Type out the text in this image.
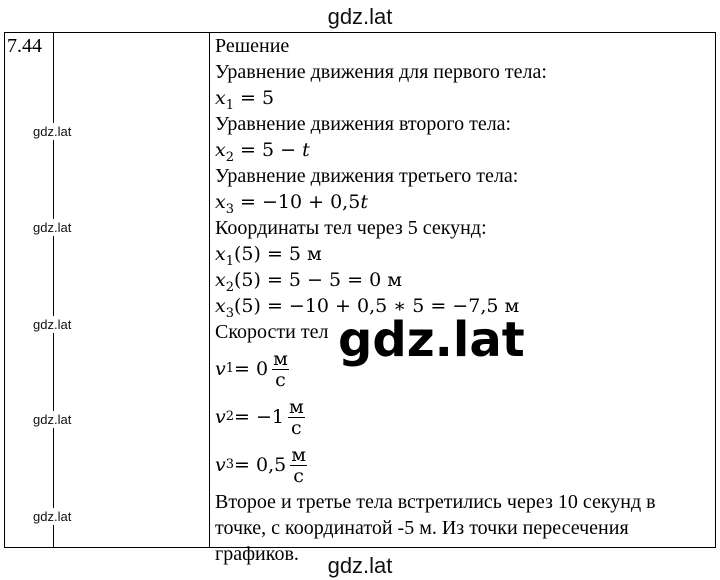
gdz.lat
7.44
gdz.lat
gdz.lat
gdz.lat
gdz.lat
gdz.lat
Решение
Уравнение движения для первого тела:
$x_1 = 5$
Уравнение движения второго тела:
$x_2 = 5 - t$
Уравнение движения третьего тела:
$x_3 = -10 + 0,5t$
Координаты тел через 5 секунд:
$x_1(5) = 5$ м
$x_2(5) = 5 - 5 = 0$ м
$x_3(5) = -10 + 0,5$ ∗ 5 = −7,5 м
Скорости тел
v $1 = 0 \frac{м}{с}$
v $2 = -1 \frac{м}{с}$
v $3 = 0,5 \frac{м}{с}$
Второе и третье тела встретились через 10 секунд в
точке, с координатой -5 м. Из точки пересечения
графиков.
gdz.lat
gdz.lat
